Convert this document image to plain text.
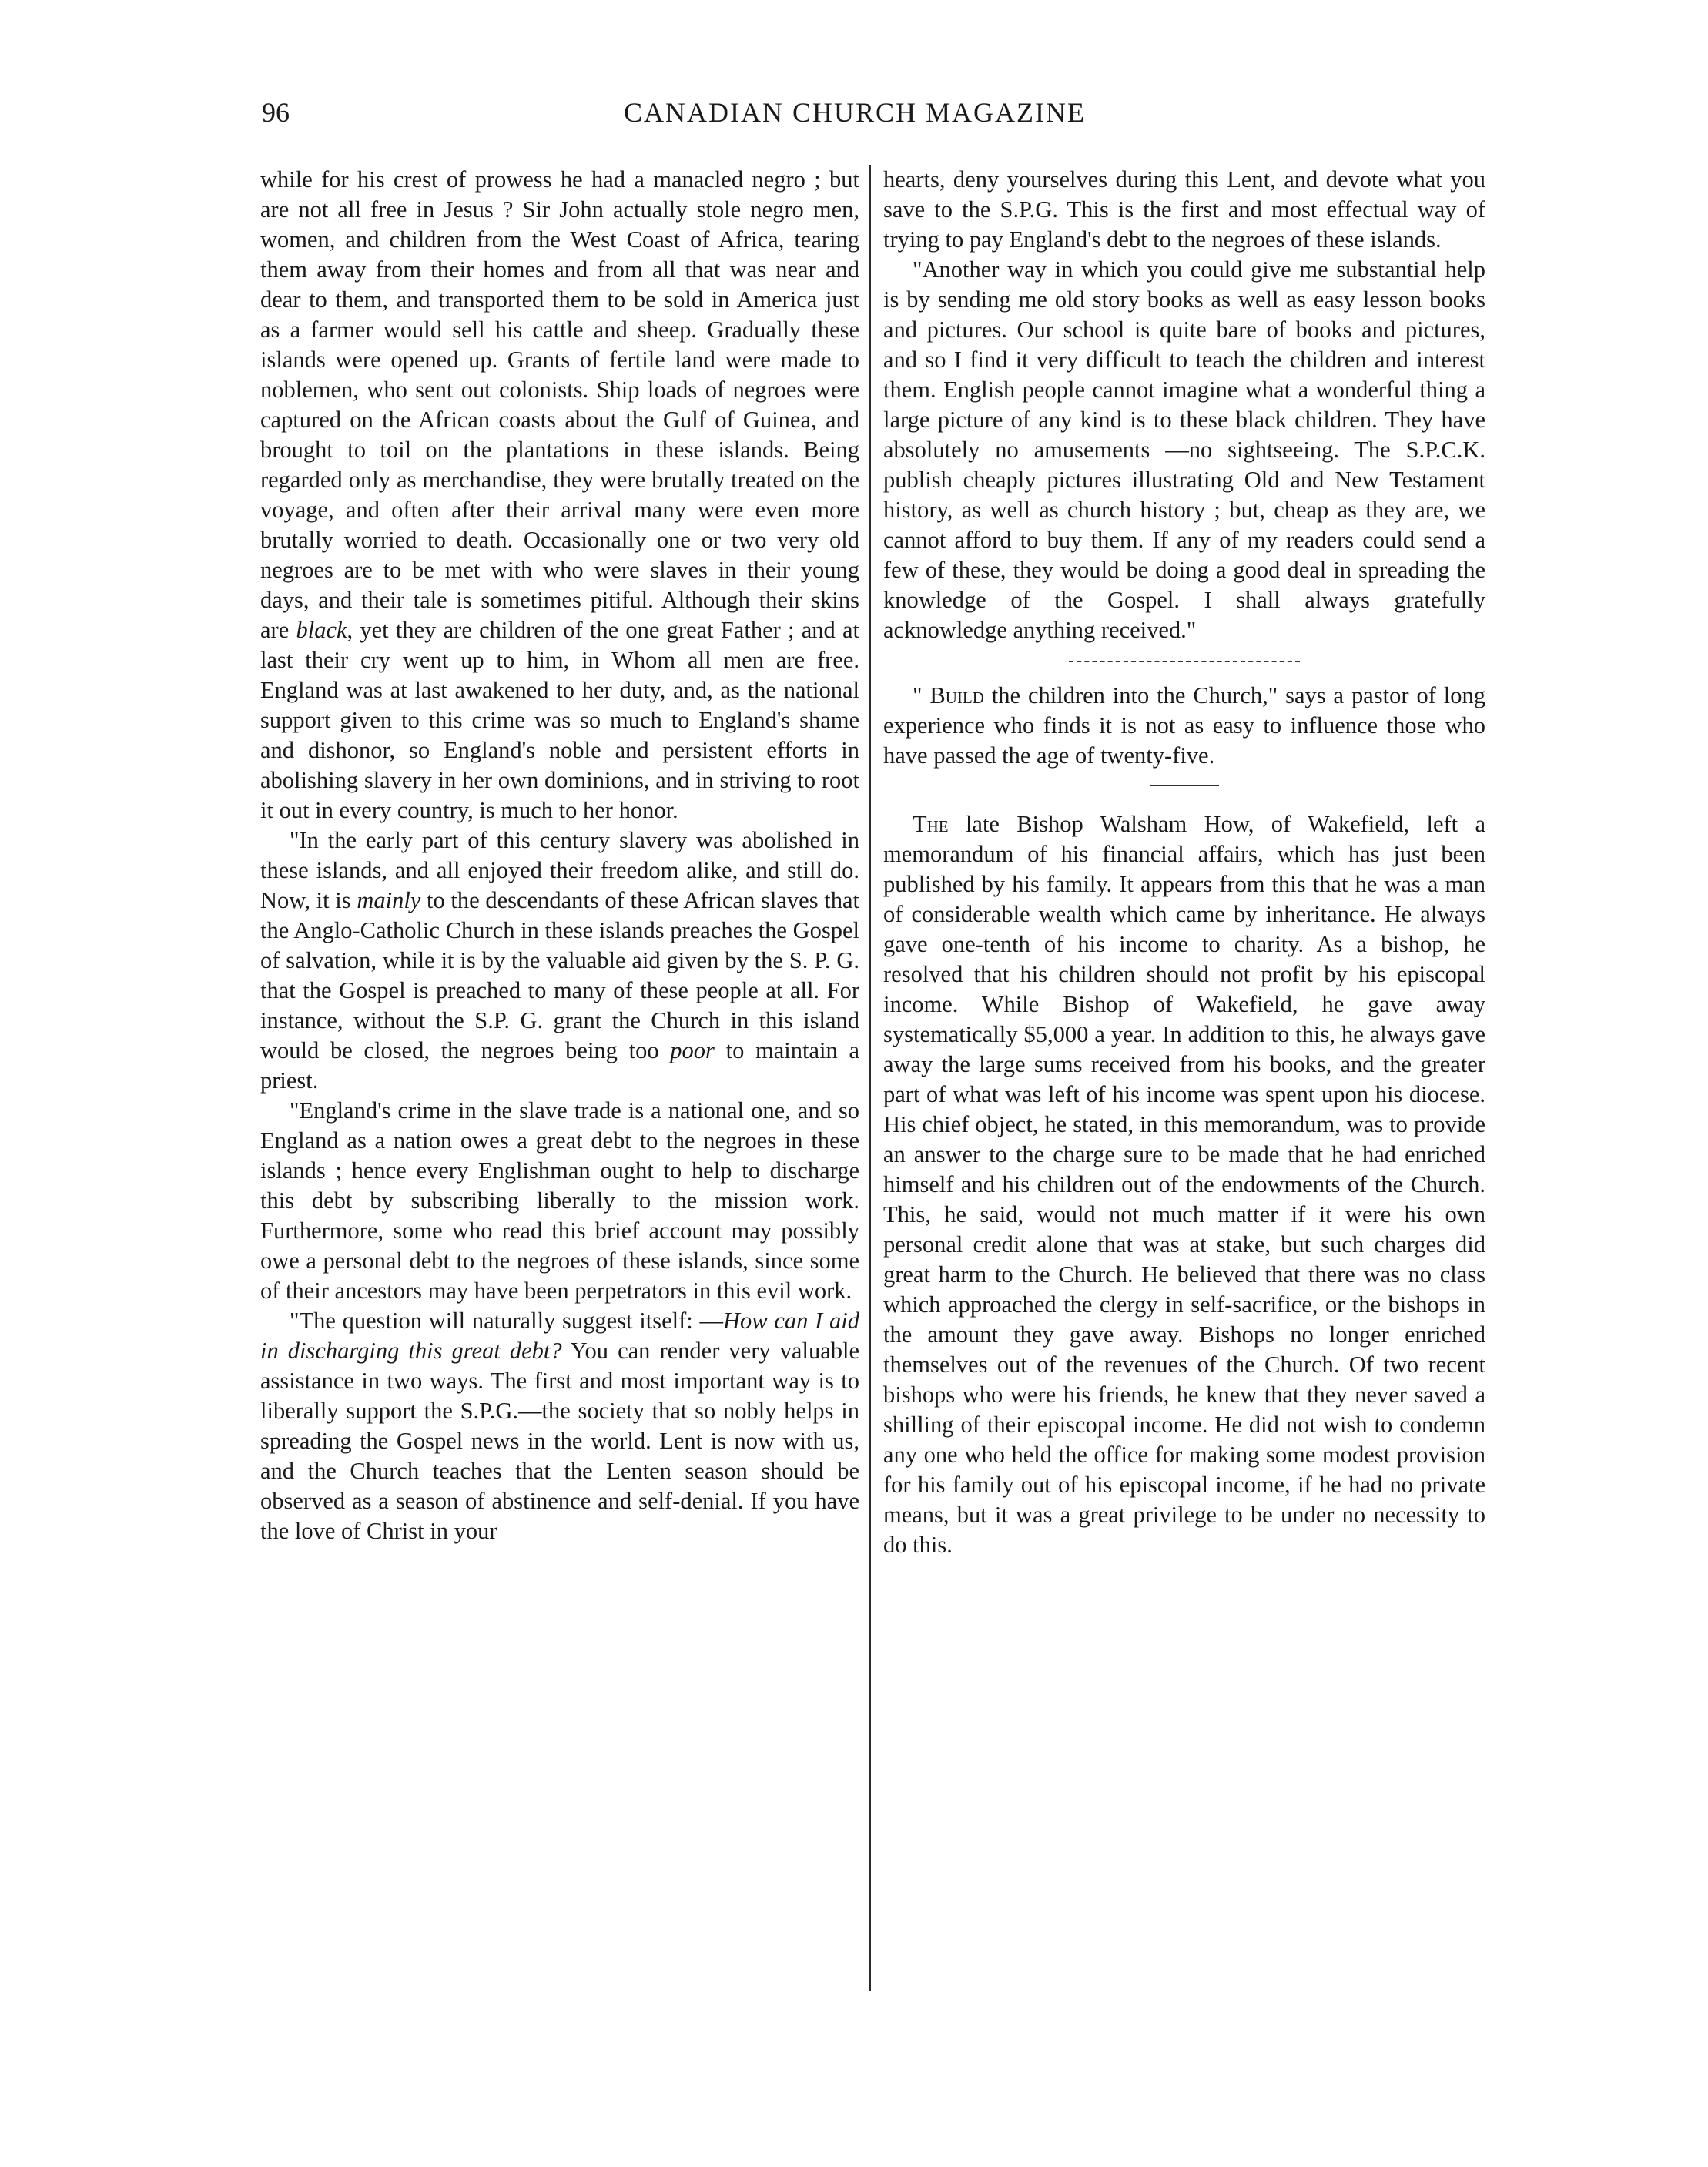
96	CANADIAN CHURCH MAGAZINE

while for his crest of prowess he had a manacled negro ; but are not all free in Jesus ? Sir John actually stole negro men, women, and children from the West Coast of Africa, tearing them away from their homes and from all that was near and dear to them, and transported them to be sold in America just as a farmer would sell his cattle and sheep. Gradually these islands were opened up. Grants of fertile land were made to noblemen, who sent out colonists. Ship loads of negroes were captured on the African coasts about the Gulf of Guinea, and brought to toil on the plantations in these islands. Being regarded only as merchandise, they were brutally treated on the voyage, and often after their arrival many were even more brutally worried to death. Occasionally one or two very old negroes are to be met with who were slaves in their young days, and their tale is sometimes pitiful. Although their skins are black, yet they are children of the one great Father ; and at last their cry went up to him, in Whom all men are free. England was at last awakened to her duty, and, as the national support given to this crime was so much to England's shame and dishonor, so England's noble and persistent efforts in abolishing slavery in her own dominions, and in striving to root it out in every country, is much to her honor.

"In the early part of this century slavery was abolished in these islands, and all enjoyed their freedom alike, and still do. Now, it is mainly to the descendants of these African slaves that the Anglo-Catholic Church in these islands preaches the Gospel of salvation, while it is by the valuable aid given by the S. P. G. that the Gospel is preached to many of these people at all. For instance, without the S.P. G. grant the Church in this island would be closed, the negroes being too poor to maintain a priest.

"England's crime in the slave trade is a national one, and so England as a nation owes a great debt to the negroes in these islands ; hence every Englishman ought to help to discharge this debt by subscribing liberally to the mission work. Furthermore, some who read this brief account may possibly owe a personal debt to the negroes of these islands, since some of their ancestors may have been perpetrators in this evil work.

"The question will naturally suggest itself: —How can I aid in discharging this great debt? You can render very valuable assistance in two ways. The first and most important way is to liberally support the S.P.G.—the society that so nobly helps in spreading the Gospel news in the world. Lent is now with us, and the Church teaches that the Lenten season should be observed as a season of abstinence and self-denial. If you have the love of Christ in your

hearts, deny yourselves during this Lent, and devote what you save to the S.P.G. This is the first and most effectual way of trying to pay England's debt to the negroes of these islands.

"Another way in which you could give me substantial help is by sending me old story books as well as easy lesson books and pictures. Our school is quite bare of books and pictures, and so I find it very difficult to teach the children and interest them. English people cannot imagine what a wonderful thing a large picture of any kind is to these black children. They have absolutely no amusements —no sightseeing. The S.P.C.K. publish cheaply pictures illustrating Old and New Testament history, as well as church history ; but, cheap as they are, we cannot afford to buy them. If any of my readers could send a few of these, they would be doing a good deal in spreading the knowledge of the Gospel. I shall always gratefully acknowledge anything received."

" Build the children into the Church," says a pastor of long experience who finds it is not as easy to influence those who have passed the age of twenty-five.

The late Bishop Walsham How, of Wakefield, left a memorandum of his financial affairs, which has just been published by his family. It appears from this that he was a man of considerable wealth which came by inheritance. He always gave one-tenth of his income to charity. As a bishop, he resolved that his children should not profit by his episcopal income. While Bishop of Wakefield, he gave away systematically $5,000 a year. In addition to this, he always gave away the large sums received from his books, and the greater part of what was left of his income was spent upon his diocese. His chief object, he stated, in this memorandum, was to provide an answer to the charge sure to be made that he had enriched himself and his children out of the endowments of the Church. This, he said, would not much matter if it were his own personal credit alone that was at stake, but such charges did great harm to the Church. He believed that there was no class which approached the clergy in self-sacrifice, or the bishops in the amount they gave away. Bishops no longer enriched themselves out of the revenues of the Church. Of two recent bishops who were his friends, he knew that they never saved a shilling of their episcopal income. He did not wish to condemn any one who held the office for making some modest provision for his family out of his episcopal income, if he had no private means, but it was a great privilege to be under no necessity to do this.
